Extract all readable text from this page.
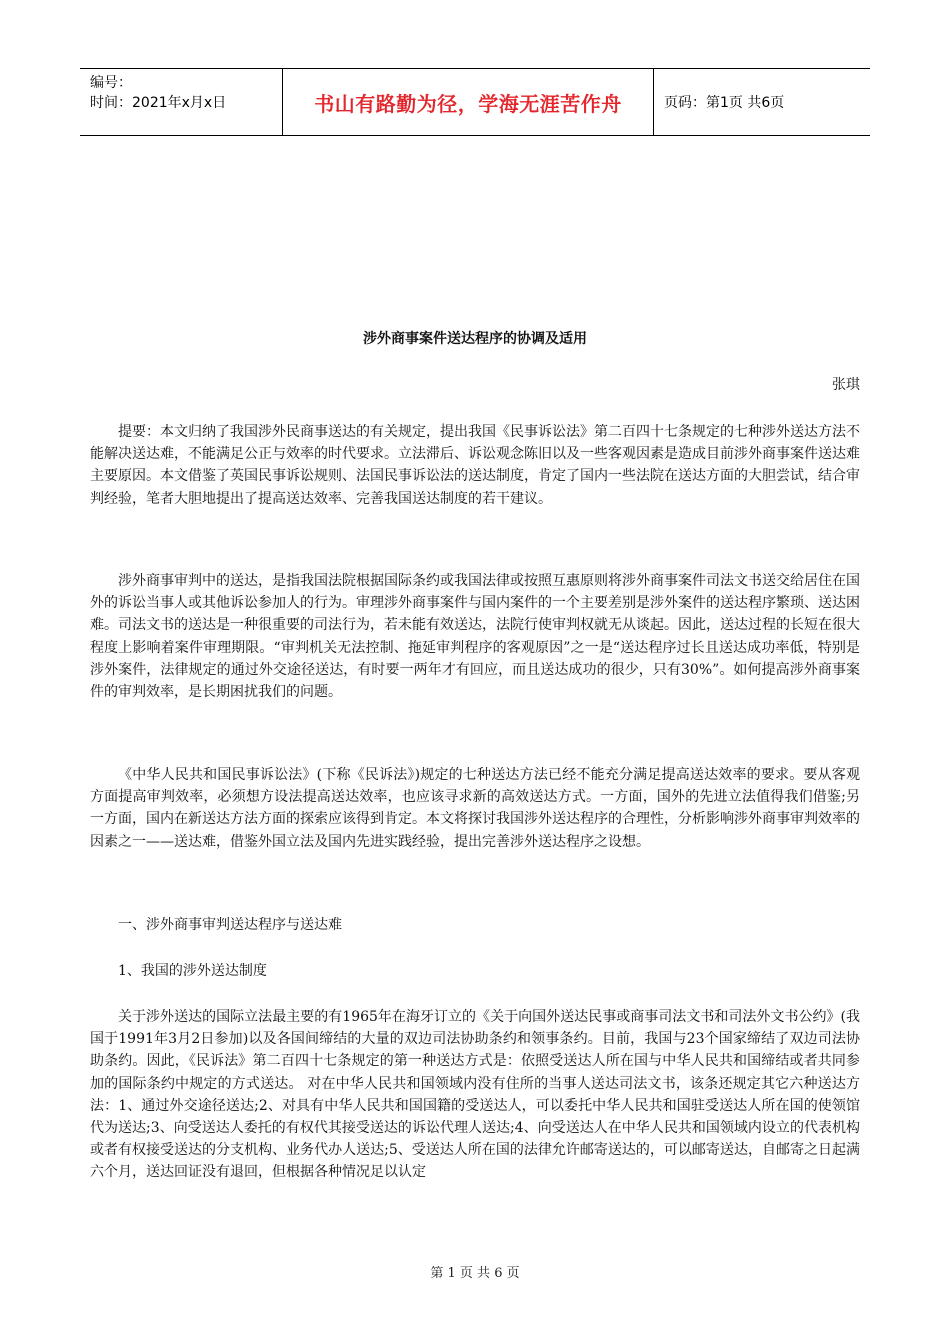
编号：
时间：2021年x月x日	书山有路勤为径，学海无涯苦作舟	页码：第1页 共6页
涉外商事案件送达程序的协调及适用
张琪

提要：本文归纳了我国涉外民商事送达的有关规定，提出我国《民事诉讼法》第二百四十七条规定的七种涉外送达方法不能解决送达难，不能满足公正与效率的时代要求。立法滞后、诉讼观念陈旧以及一些客观因素是造成目前涉外商事案件送达难主要原因。本文借鉴了英国民事诉讼规则、法国民事诉讼法的送达制度，肯定了国内一些法院在送达方面的大胆尝试，结合审判经验，笔者大胆地提出了提高送达效率、完善我国送达制度的若干建议。

涉外商事审判中的送达，是指我国法院根据国际条约或我国法律或按照互惠原则将涉外商事案件司法文书送交给居住在国外的诉讼当事人或其他诉讼参加人的行为。审理涉外商事案件与国内案件的一个主要差别是涉外案件的送达程序繁琐、送达困难。司法文书的送达是一种很重要的司法行为，若未能有效送达，法院行使审判权就无从谈起。因此，送达过程的长短在很大程度上影响着案件审理期限。“审判机关无法控制、拖延审判程序的客观原因”之一是“送达程序过长且送达成功率低，特别是涉外案件，法律规定的通过外交途径送达，有时要一两年才有回应，而且送达成功的很少，只有30%”。如何提高涉外商事案件的审判效率，是长期困扰我们的问题。

《中华人民共和国民事诉讼法》(下称《民诉法》)规定的七种送达方法已经不能充分满足提高送达效率的要求。要从客观方面提高审判效率，必须想方设法提高送达效率，也应该寻求新的高效送达方式。一方面，国外的先进立法值得我们借鉴;另一方面，国内在新送达方法方面的探索应该得到肯定。本文将探讨我国涉外送达程序的合理性，分析影响涉外商事审判效率的因素之一——送达难，借鉴外国立法及国内先进实践经验，提出完善涉外送达程序之设想。

一、涉外商事审判送达程序与送达难

1、我国的涉外送达制度

关于涉外送达的国际立法最主要的有1965年在海牙订立的《关于向国外送达民事或商事司法文书和司法外文书公约》(我国于1991年3月2日参加)以及各国间缔结的大量的双边司法协助条约和领事条约。目前，我国与23个国家缔结了双边司法协助条约。因此，《民诉法》第二百四十七条规定的第一种送达方式是：依照受送达人所在国与中华人民共和国缔结或者共同参加的国际条约中规定的方式送达。 对在中华人民共和国领域内没有住所的当事人送达司法文书，该条还规定其它六种送达方法：1、通过外交途径送达;2、对具有中华人民共和国国籍的受送达人，可以委托中华人民共和国驻受送达人所在国的使领馆代为送达;3、向受送达人委托的有权代其接受送达的诉讼代理人送达;4、向受送达人在中华人民共和国领域内设立的代表机构或者有权接受送达的分支机构、业务代办人送达;5、受送达人所在国的法律允许邮寄送达的，可以邮寄送达，自邮寄之日起满六个月，送达回证没有退回，但根据各种情况足以认定

第 1 页 共 6 页
